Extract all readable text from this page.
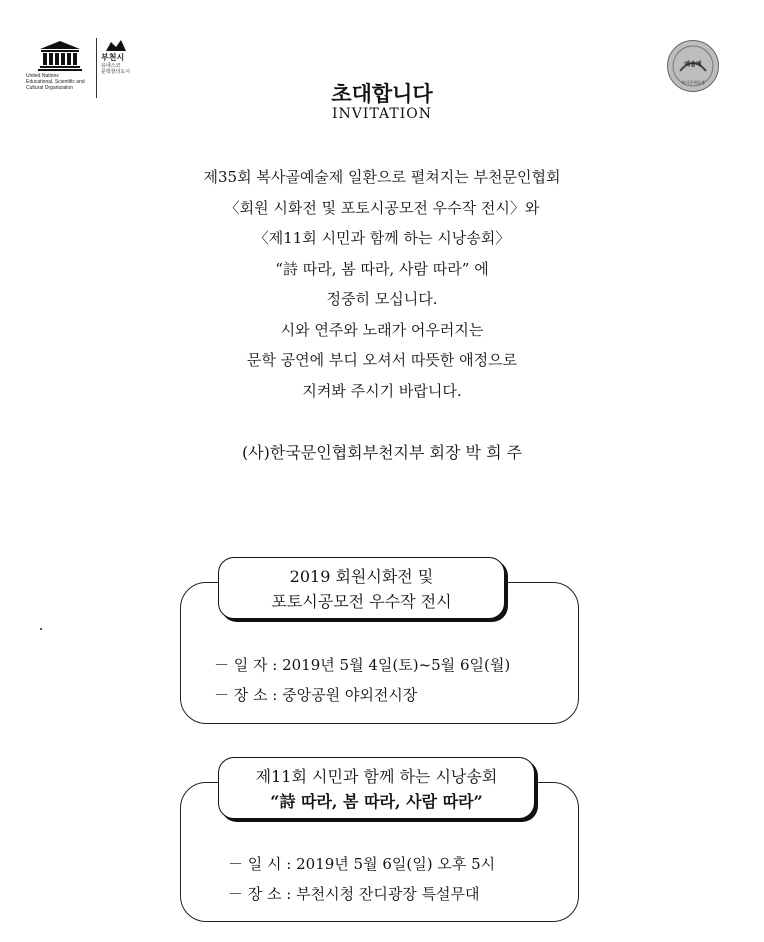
United Nations
Educational, Scientific and
Cultural Organization
부천시
유네스코
문학창의도시
예술제
복사골예술제
초대합니다
INVITATION
제35회 복사골예술제 일환으로 펼쳐지는 부천문인협회
〈회원 시화전 및 포토시공모전 우수작 전시〉와
〈제11회 시민과 함께 하는 시낭송회〉
“詩 따라, 봄 따라, 사람 따라” 에
정중히 모십니다.
시와 연주와 노래가 어우러지는
문학 공연에 부디 오셔서 따뜻한 애정으로
지켜봐 주시기 바랍니다.
(사)한국문인협회부천지부 회장 박 희 주
2019 회원시화전 및
포토시공모전 우수작 전시
－ 일 자 : 2019년 5월 4일(토)~5월 6일(월)
－ 장 소 : 중앙공원 야외전시장
제11회 시민과 함께 하는 시낭송회
“詩 따라, 봄 따라, 사람 따라”
－ 일 시 : 2019년 5월 6일(일) 오후 5시
－ 장 소 : 부천시청 잔디광장 특설무대
